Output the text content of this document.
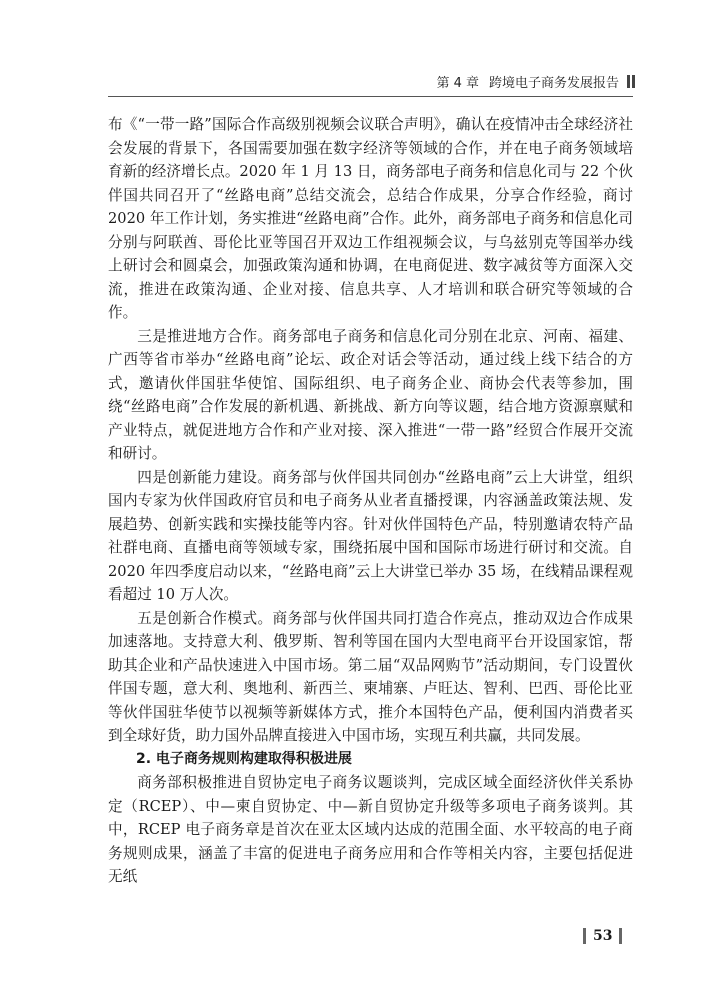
第 4 章 跨境电子商务发展报告

布《“一带一路”国际合作高级别视频会议联合声明》，确认在疫情冲击全球经济社会发展的背景下，各国需要加强在数字经济等领域的合作，并在电子商务领域培育新的经济增长点。2020 年 1 月 13 日，商务部电子商务和信息化司与 22 个伙伴国共同召开了“丝路电商”总结交流会，总结合作成果，分享合作经验，商讨 2020 年工作计划，务实推进“丝路电商”合作。此外，商务部电子商务和信息化司分别与阿联酋、哥伦比亚等国召开双边工作组视频会议，与乌兹别克等国举办线上研讨会和圆桌会，加强政策沟通和协调，在电商促进、数字减贫等方面深入交流，推进在政策沟通、企业对接、信息共享、人才培训和联合研究等领域的合作。

三是推进地方合作。商务部电子商务和信息化司分别在北京、河南、福建、广西等省市举办“丝路电商”论坛、政企对话会等活动，通过线上线下结合的方式，邀请伙伴国驻华使馆、国际组织、电子商务企业、商协会代表等参加，围绕“丝路电商”合作发展的新机遇、新挑战、新方向等议题，结合地方资源禀赋和产业特点，就促进地方合作和产业对接、深入推进“一带一路”经贸合作展开交流和研讨。

四是创新能力建设。商务部与伙伴国共同创办“丝路电商”云上大讲堂，组织国内专家为伙伴国政府官员和电子商务从业者直播授课，内容涵盖政策法规、发展趋势、创新实践和实操技能等内容。针对伙伴国特色产品，特别邀请农特产品社群电商、直播电商等领域专家，围绕拓展中国和国际市场进行研讨和交流。自 2020 年四季度启动以来，“丝路电商”云上大讲堂已举办 35 场，在线精品课程观看超过 10 万人次。

五是创新合作模式。商务部与伙伴国共同打造合作亮点，推动双边合作成果加速落地。支持意大利、俄罗斯、智利等国在国内大型电商平台开设国家馆，帮助其企业和产品快速进入中国市场。第二届“双品网购节”活动期间，专门设置伙伴国专题，意大利、奥地利、新西兰、柬埔寨、卢旺达、智利、巴西、哥伦比亚等伙伴国驻华使节以视频等新媒体方式，推介本国特色产品，便利国内消费者买到全球好货，助力国外品牌直接进入中国市场，实现互利共赢，共同发展。

2. 电子商务规则构建取得积极进展

商务部积极推进自贸协定电子商务议题谈判，完成区域全面经济伙伴关系协定（RCEP）、中—柬自贸协定、中—新自贸协定升级等多项电子商务谈判。其中，RCEP 电子商务章是首次在亚太区域内达成的范围全面、水平较高的电子商务规则成果，涵盖了丰富的促进电子商务应用和合作等相关内容，主要包括促进无纸

53
